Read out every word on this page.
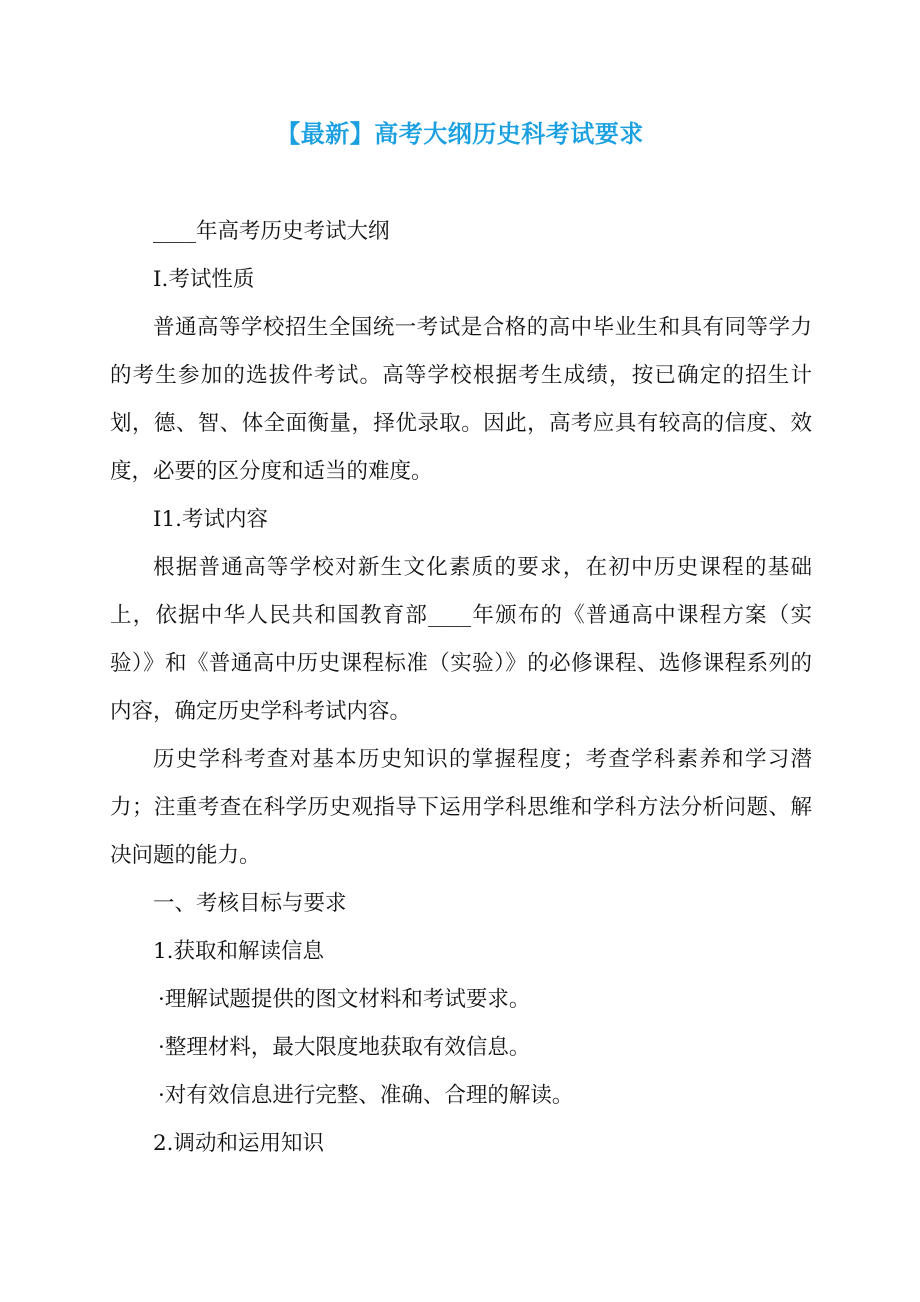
【最新】高考大纲历史科考试要求

____年高考历史考试大纲

I.考试性质

普通高等学校招生全国统一考试是合格的高中毕业生和具有同等学力的考生参加的选拔件考试。高等学校根据考生成绩，按已确定的招生计划，德、智、体全面衡量，择优录取。因此，高考应具有较高的信度、效度，必要的区分度和适当的难度。

I1.考试内容

根据普通高等学校对新生文化素质的要求，在初中历史课程的基础上，依据中华人民共和国教育部____年颁布的《普通高中课程方案（实验）》和《普通高中历史课程标准（实验）》的必修课程、选修课程系列的内容，确定历史学科考试内容。

历史学科考查对基本历史知识的掌握程度；考查学科素养和学习潜力；注重考查在科学历史观指导下运用学科思维和学科方法分析问题、解决问题的能力。

一、考核目标与要求

1.获取和解读信息

·理解试题提供的图文材料和考试要求。

·整理材料，最大限度地获取有效信息。

·对有效信息进行完整、准确、合理的解读。

2.调动和运用知识
